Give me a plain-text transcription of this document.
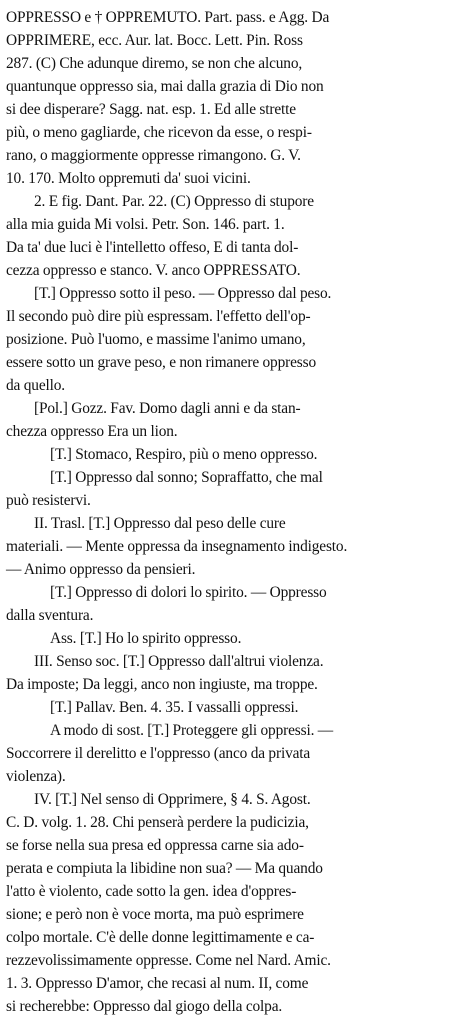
OPPRESSO e † OPPREMUTO. Part. pass. e Agg. Da
OPPRIMERE, ecc. Aur. lat. Bocc. Lett. Pin. Ross
287. (C) Che adunque diremo, se non che alcuno,
quantunque oppresso sia, mai dalla grazia di Dio non
si dee disperare? Sagg. nat. esp. 1. Ed alle strette
più, o meno gagliarde, che ricevon da esse, o respi-
rano, o maggiormente oppresse rimangono. G. V.
10. 170. Molto oppremuti da' suoi vicini.
2. E fig. Dant. Par. 22. (C) Oppresso di stupore
alla mia guida Mi volsi. Petr. Son. 146. part. 1.
Da ta' due luci è l'intelletto offeso, E di tanta dol-
cezza oppresso e stanco. V. anco OPPRESSATO.
[T.] Oppresso sotto il peso. — Oppresso dal peso.
Il secondo può dire più espressam. l'effetto dell'op-
posizione. Può l'uomo, e massime l'animo umano,
essere sotto un grave peso, e non rimanere oppresso
da quello.
[Pol.] Gozz. Fav. Domo dagli anni e da stan-
chezza oppresso Era un lion.
[T.] Stomaco, Respiro, più o meno oppresso.
[T.] Oppresso dal sonno; Sopraffatto, che mal
può resistervi.
II. Trasl. [T.] Oppresso dal peso delle cure
materiali. — Mente oppressa da insegnamento indigesto.
— Animo oppresso da pensieri.
[T.] Oppresso di dolori lo spirito. — Oppresso
dalla sventura.
Ass. [T.] Ho lo spirito oppresso.
III. Senso soc. [T.] Oppresso dall'altrui violenza.
Da imposte; Da leggi, anco non ingiuste, ma troppe.
[T.] Pallav. Ben. 4. 35. I vassalli oppressi.
A modo di sost. [T.] Proteggere gli oppressi. —
Soccorrere il derelitto e l'oppresso (anco da privata
violenza).
IV. [T.] Nel senso di Opprimere, § 4. S. Agost.
C. D. volg. 1. 28. Chi penserà perdere la pudicizia,
se forse nella sua presa ed oppressa carne sia ado-
perata e compiuta la libidine non sua? — Ma quando
l'atto è violento, cade sotto la gen. idea d'oppres-
sione; e però non è voce morta, ma può esprimere
colpo mortale. C'è delle donne legittimamente e ca-
rezzevolissimamente oppresse. Come nel Nard. Amic.
1. 3. Oppresso D'amor, che recasi al num. II, come
si recherebbe: Oppresso dal giogo della colpa.
